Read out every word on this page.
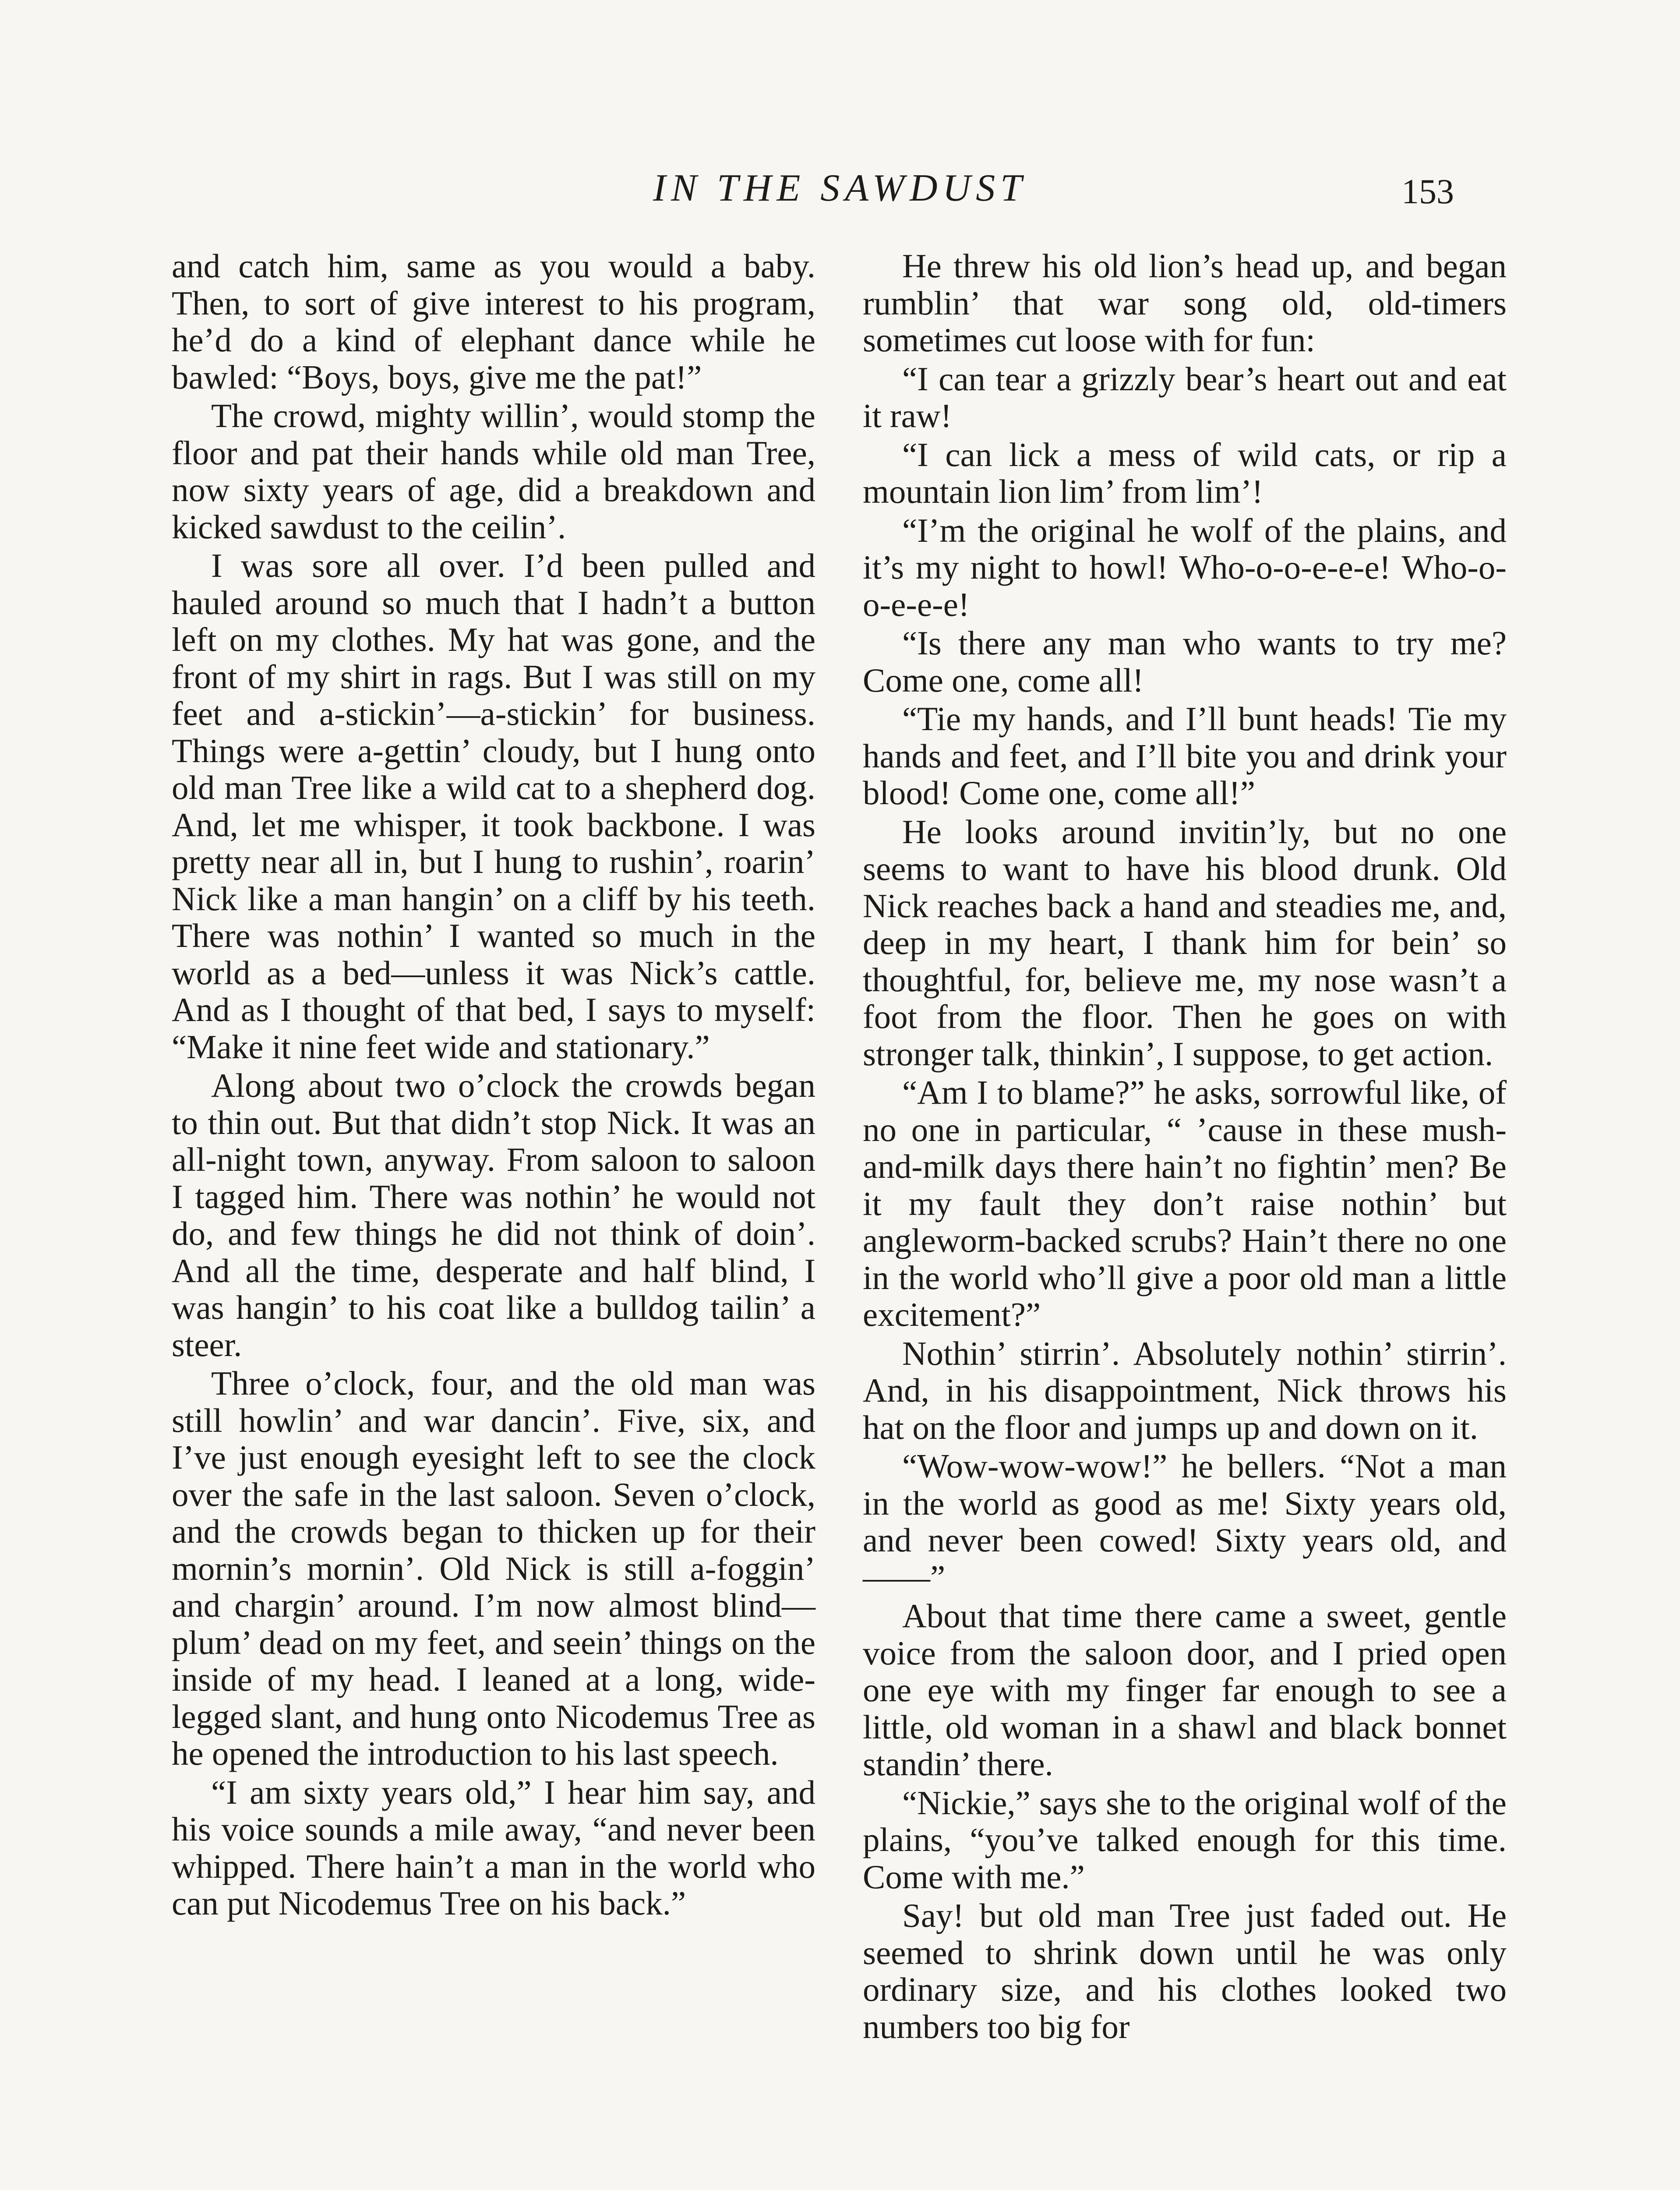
IN THE SAWDUST	153

and catch him, same as you would a baby. Then, to sort of give interest to his program, he’d do a kind of elephant dance while he bawled: “Boys, boys, give me the pat!”

The crowd, mighty willin’, would stomp the floor and pat their hands while old man Tree, now sixty years of age, did a breakdown and kicked sawdust to the ceilin’.

I was sore all over. I’d been pulled and hauled around so much that I hadn’t a button left on my clothes. My hat was gone, and the front of my shirt in rags. But I was still on my feet and a-stickin’—a-stickin’ for business. Things were a-gettin’ cloudy, but I hung onto old man Tree like a wild cat to a shepherd dog. And, let me whisper, it took backbone. I was pretty near all in, but I hung to rushin’, roarin’ Nick like a man hangin’ on a cliff by his teeth. There was nothin’ I wanted so much in the world as a bed—unless it was Nick’s cattle. And as I thought of that bed, I says to myself: “Make it nine feet wide and stationary.”

Along about two o’clock the crowds began to thin out. But that didn’t stop Nick. It was an all-night town, anyway. From saloon to saloon I tagged him. There was nothin’ he would not do, and few things he did not think of doin’. And all the time, desperate and half blind, I was hangin’ to his coat like a bulldog tailin’ a steer.

Three o’clock, four, and the old man was still howlin’ and war dancin’. Five, six, and I’ve just enough eyesight left to see the clock over the safe in the last saloon. Seven o’clock, and the crowds began to thicken up for their mornin’s mornin’. Old Nick is still a-foggin’ and chargin’ around. I’m now almost blind—plum’ dead on my feet, and seein’ things on the inside of my head. I leaned at a long, wide-legged slant, and hung onto Nicodemus Tree as he opened the introduction to his last speech.

“I am sixty years old,” I hear him say, and his voice sounds a mile away, “and never been whipped. There hain’t a man in the world who can put Nicodemus Tree on his back.”

He threw his old lion’s head up, and began rumblin’ that war song old, old-timers sometimes cut loose with for fun:

“I can tear a grizzly bear’s heart out and eat it raw!

“I can lick a mess of wild cats, or rip a mountain lion lim’ from lim’!

“I’m the original he wolf of the plains, and it’s my night to howl! Who-o-o-e-e-e! Who-o-o-e-e-e!

“Is there any man who wants to try me? Come one, come all!

“Tie my hands, and I’ll bunt heads! Tie my hands and feet, and I’ll bite you and drink your blood! Come one, come all!”

He looks around invitin’ly, but no one seems to want to have his blood drunk. Old Nick reaches back a hand and steadies me, and, deep in my heart, I thank him for bein’ so thoughtful, for, believe me, my nose wasn’t a foot from the floor. Then he goes on with stronger talk, thinkin’, I suppose, to get action.

“Am I to blame?” he asks, sorrowful like, of no one in particular, “ ’cause in these mush-and-milk days there hain’t no fightin’ men? Be it my fault they don’t raise nothin’ but angleworm-backed scrubs? Hain’t there no one in the world who’ll give a poor old man a little excitement?”

Nothin’ stirrin’. Absolutely nothin’ stirrin’. And, in his disappointment, Nick throws his hat on the floor and jumps up and down on it.

“Wow-wow-wow!” he bellers. “Not a man in the world as good as me! Sixty years old, and never been cowed! Sixty years old, and——”

About that time there came a sweet, gentle voice from the saloon door, and I pried open one eye with my finger far enough to see a little, old woman in a shawl and black bonnet standin’ there.

“Nickie,” says she to the original wolf of the plains, “you’ve talked enough for this time. Come with me.”

Say! but old man Tree just faded out. He seemed to shrink down until he was only ordinary size, and his clothes looked two numbers too big for
